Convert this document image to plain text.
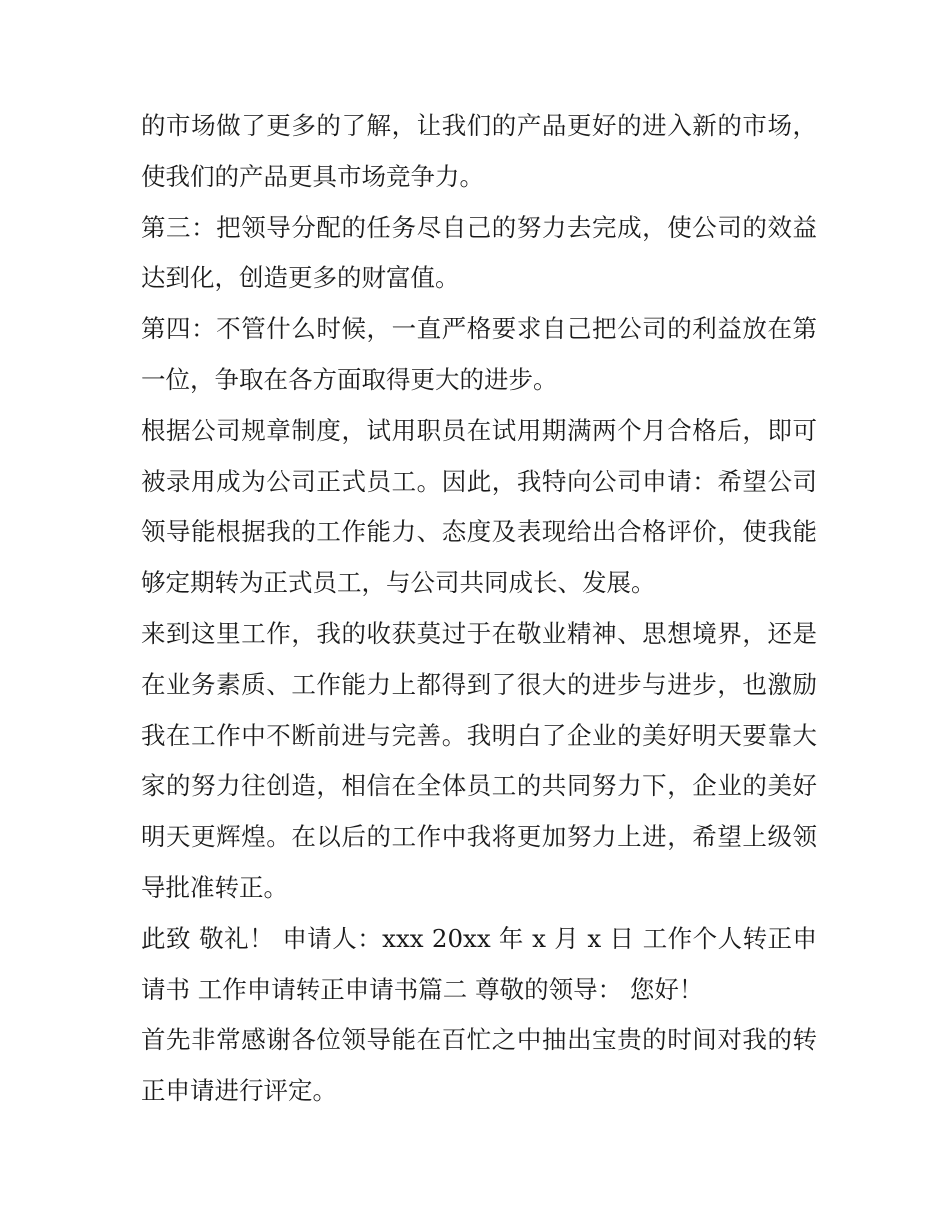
的市场做了更多的了解，让我们的产品更好的进入新的市场，使我们的产品更具市场竞争力。

第三：把领导分配的任务尽自己的努力去完成，使公司的效益达到化，创造更多的财富值。

第四：不管什么时候，一直严格要求自己把公司的利益放在第一位，争取在各方面取得更大的进步。

根据公司规章制度，试用职员在试用期满两个月合格后，即可被录用成为公司正式员工。因此，我特向公司申请：希望公司领导能根据我的工作能力、态度及表现给出合格评价，使我能够定期转为正式员工，与公司共同成长、发展。

来到这里工作，我的收获莫过于在敬业精神、思想境界，还是在业务素质、工作能力上都得到了很大的进步与进步，也激励我在工作中不断前进与完善。我明白了企业的美好明天要靠大家的努力往创造，相信在全体员工的共同努力下，企业的美好明天更辉煌。在以后的工作中我将更加努力上进，希望上级领导批准转正。

此致 敬礼！ 申请人：xxx 20xx 年 x 月 x 日 工作个人转正申请书 工作申请转正申请书篇二 尊敬的领导： 您好！

首先非常感谢各位领导能在百忙之中抽出宝贵的时间对我的转正申请进行评定。
